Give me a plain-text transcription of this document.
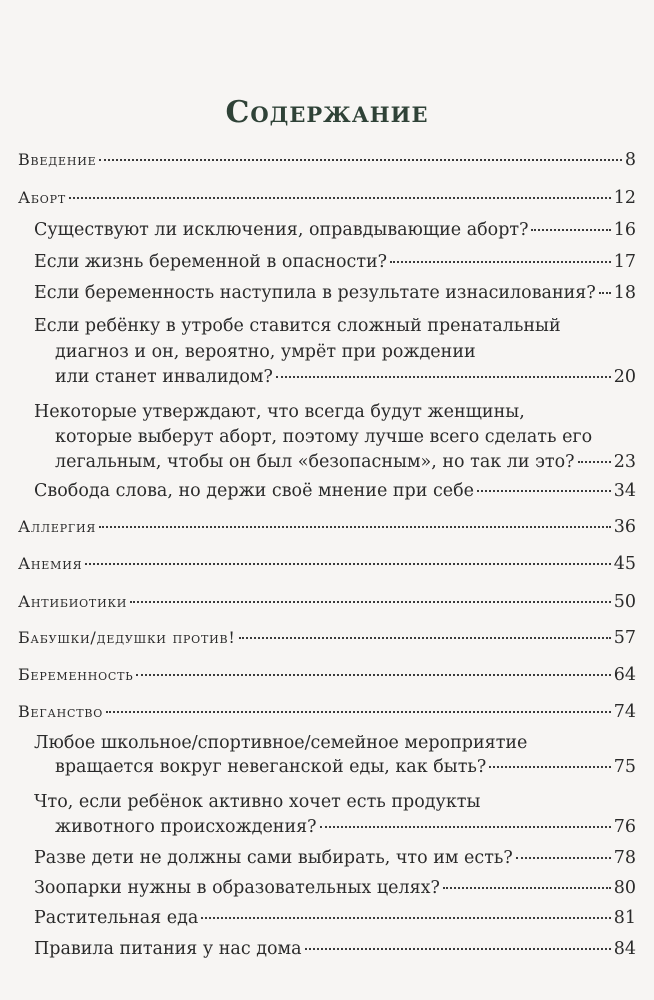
Содержание
Введение	8
Аборт	12
Существуют ли исключения, оправдывающие аборт?	16
Если жизнь беременной в опасности?	17
Если беременность наступила в результате изнасилования? 18
Если ребёнку в утробе ставится сложный пренатальный
диагноз и он, вероятно, умрёт при рождении
или станет инвалидом?	20
Некоторые утверждают, что всегда будут женщины,
которые выберут аборт, поэтому лучше всего сделать его
легальным, чтобы он был «безопасным», но так ли это? 23
Свобода слова, но держи своё мнение при себе	34
Аллергия	36
Анемия	45
Антибиотики	50
Бабушки/дедушки против!	57
Беременность	64
Веганство	74
Любое школьное/спортивное/семейное мероприятие
вращается вокруг невеганской еды, как быть?	75
Что, если ребёнок активно хочет есть продукты
животного происхождения?	76
Разве дети не должны сами выбирать, что им есть?	78
Зоопарки нужны в образовательных целях?	80
Растительная еда	81
Правила питания у нас дома	84
